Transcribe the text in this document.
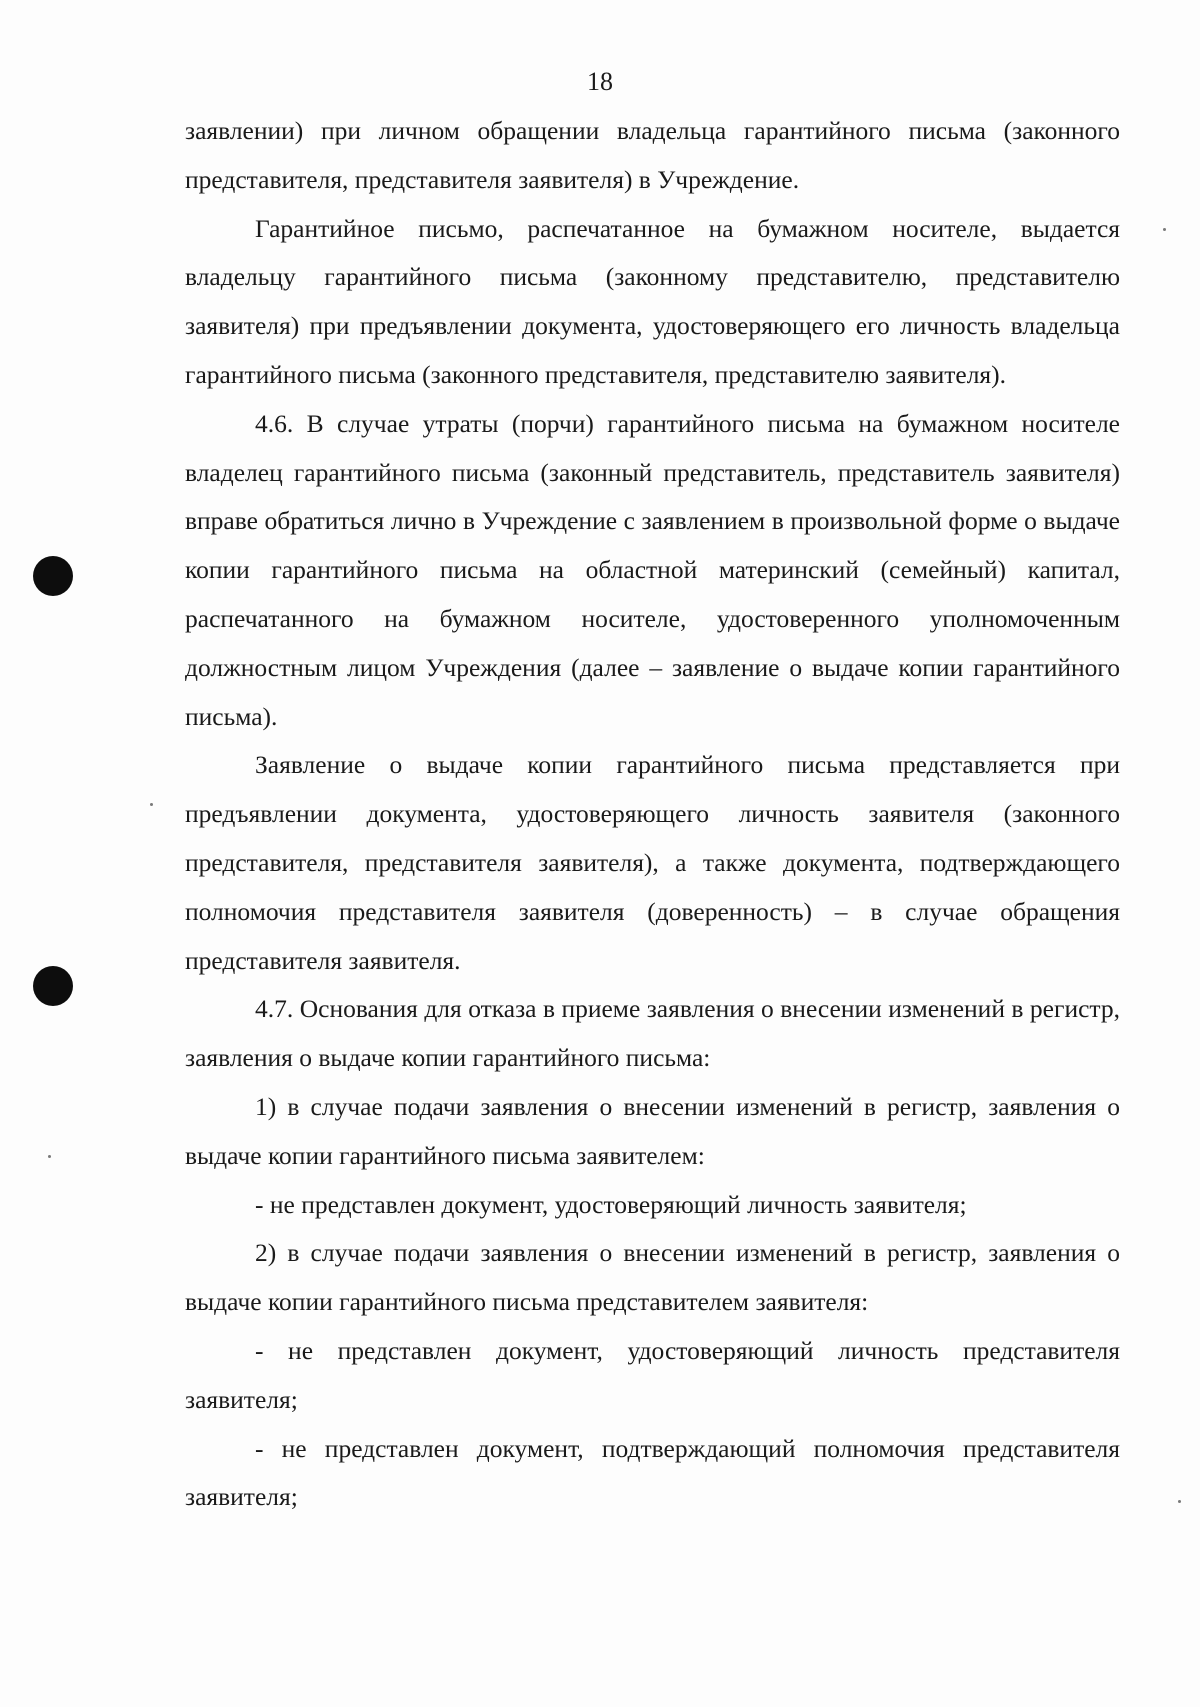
18

заявлении) при личном обращении владельца гарантийного письма (законного представителя, представителя заявителя) в Учреждение.

Гарантийное письмо, распечатанное на бумажном носителе, выдается владельцу гарантийного письма (законному представителю, представителю заявителя) при предъявлении документа, удостоверяющего его личность владельца гарантийного письма (законного представителя, представителю заявителя).

4.6. В случае утраты (порчи) гарантийного письма на бумажном носителе владелец гарантийного письма (законный представитель, представитель заявителя) вправе обратиться лично в Учреждение с заявлением в произвольной форме о выдаче копии гарантийного письма на областной материнский (семейный) капитал, распечатанного на бумажном носителе, удостоверенного уполномоченным должностным лицом Учреждения (далее – заявление о выдаче копии гарантийного письма).

Заявление о выдаче копии гарантийного письма представляется при предъявлении документа, удостоверяющего личность заявителя (законного представителя, представителя заявителя), а также документа, подтверждающего полномочия представителя заявителя (доверенность) – в случае обращения представителя заявителя.

4.7. Основания для отказа в приеме заявления о внесении изменений в регистр, заявления о выдаче копии гарантийного письма:

1) в случае подачи заявления о внесении изменений в регистр, заявления о выдаче копии гарантийного письма заявителем:

- не представлен документ, удостоверяющий личность заявителя;

2) в случае подачи заявления о внесении изменений в регистр, заявления о выдаче копии гарантийного письма представителем заявителя:

- не представлен документ, удостоверяющий личность представителя заявителя;

- не представлен документ, подтверждающий полномочия представителя заявителя;
